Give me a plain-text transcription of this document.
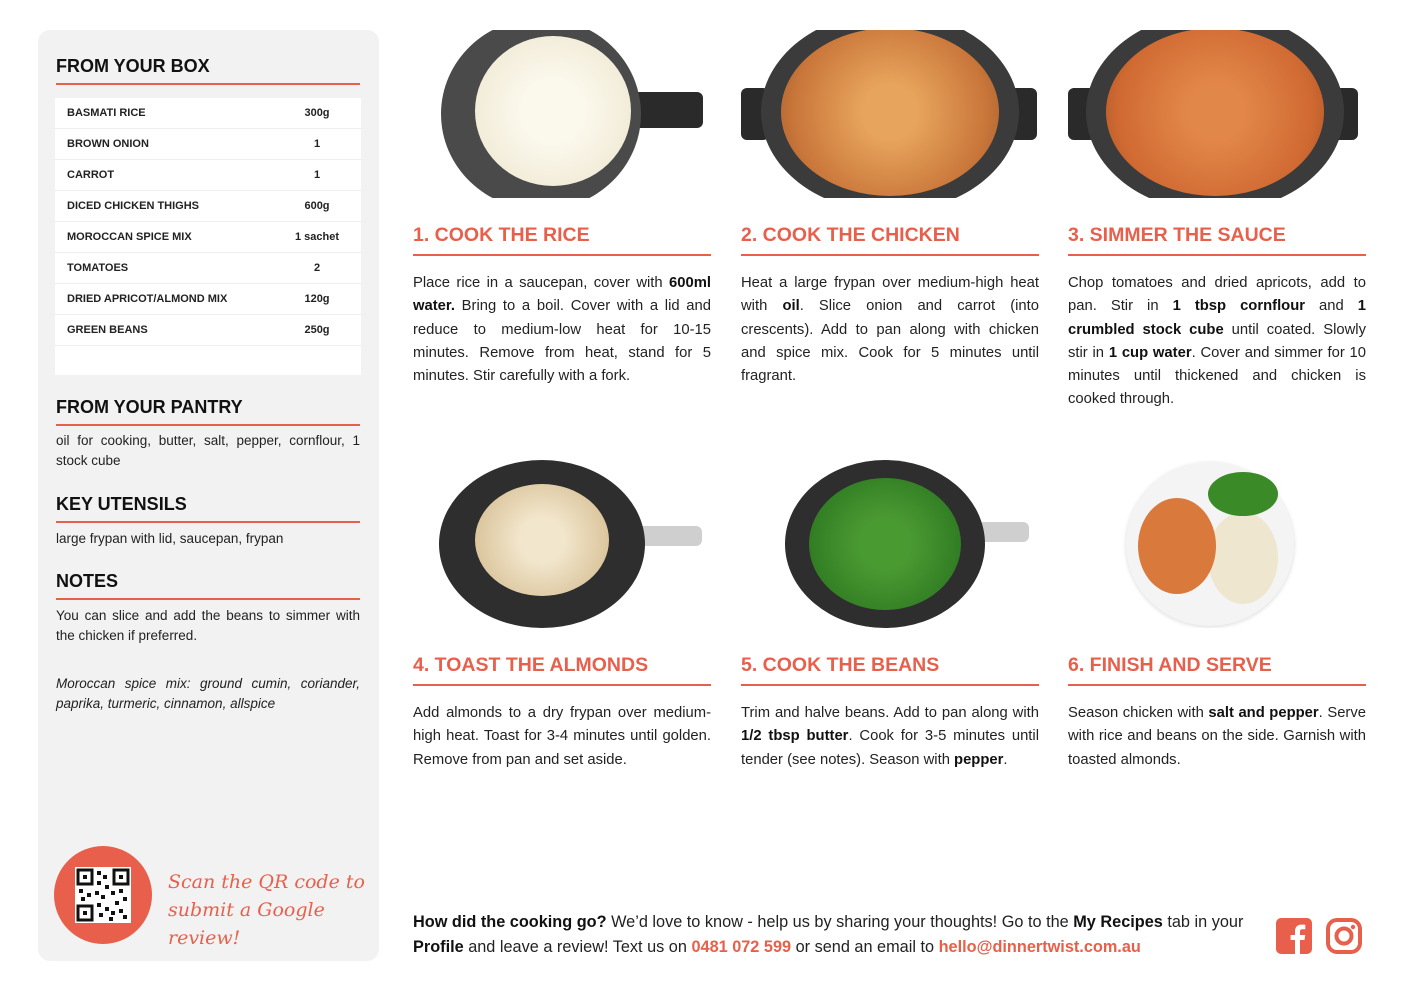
FROM YOUR BOX
BASMATI RICE	300g
BROWN ONION	1
CARROT	1
DICED CHICKEN THIGHS	600g
MOROCCAN SPICE MIX	1 sachet
TOMATOES	2
DRIED APRICOT/ALMOND MIX	120g
GREEN BEANS	250g
FROM YOUR PANTRY
oil for cooking, butter, salt, pepper, cornflour, 1 stock cube
KEY UTENSILS
large frypan with lid, saucepan, frypan
NOTES
You can slice and add the beans to simmer with the chicken if preferred.
Moroccan spice mix: ground cumin, coriander, paprika, turmeric, cinnamon, allspice
Scan the QR code to
submit a Google review!
1. COOK THE RICE

Place rice in a saucepan, cover with 600ml water. Bring to a boil. Cover with a lid and reduce to medium-low heat for 10-15 minutes. Remove from heat, stand for 5 minutes. Stir carefully with a fork.

2. COOK THE CHICKEN

Heat a large frypan over medium-high heat with oil. Slice onion and carrot (into crescents). Add to pan along with chicken and spice mix. Cook for 5 minutes until fragrant.

3. SIMMER THE SAUCE

Chop tomatoes and dried apricots, add to pan. Stir in 1 tbsp cornflour and 1 crumbled stock cube until coated. Slowly stir in 1 cup water. Cover and simmer for 10 minutes until thickened and chicken is cooked through.

4. TOAST THE ALMONDS

Add almonds to a dry frypan over medium-high heat. Toast for 3-4 minutes until golden. Remove from pan and set aside.

5. COOK THE BEANS

Trim and halve beans. Add to pan along with 1/2 tbsp butter. Cook for 3-5 minutes until tender (see notes). Season with pepper.

6. FINISH AND SERVE

Season chicken with salt and pepper. Serve with rice and beans on the side. Garnish with toasted almonds.

How did the cooking go? We’d love to know - help us by sharing your thoughts! Go to the My Recipes tab in your Profile and leave a review! Text us on 0481 072 599 or send an email to hello@dinnertwist.com.au
